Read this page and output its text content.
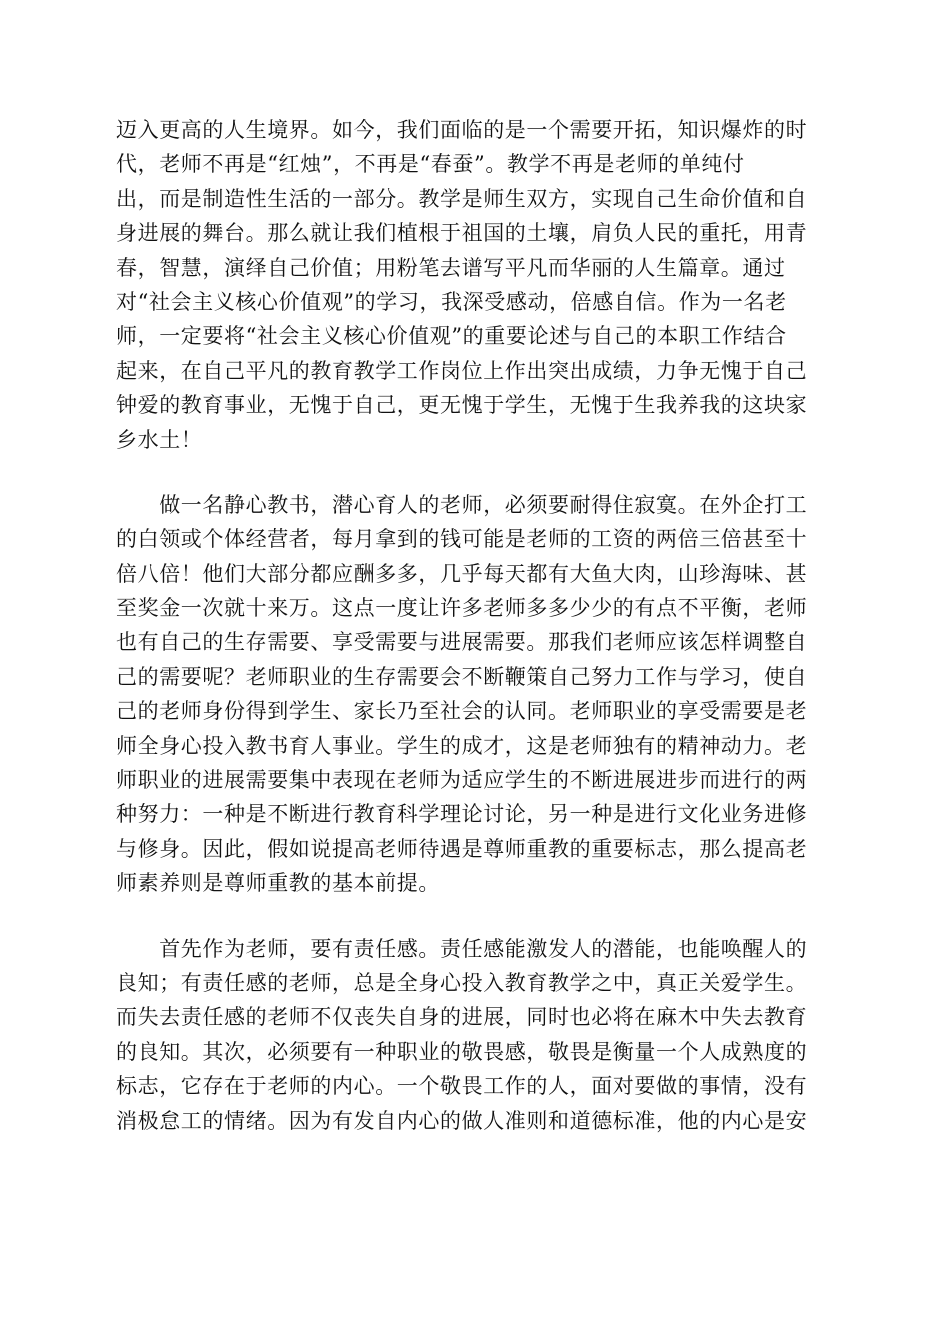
迈入更高的人生境界。如今，我们面临的是一个需要开拓，知识爆炸的时
代，老师不再是“红烛”，不再是“春蚕”。教学不再是老师的单纯付
出，而是制造性生活的一部分。教学是师生双方，实现自己生命价值和自
身进展的舞台。那么就让我们植根于祖国的土壤，肩负人民的重托，用青
春，智慧，演绎自己价值；用粉笔去谱写平凡而华丽的人生篇章。通过
对“社会主义核心价值观”的学习，我深受感动，倍感自信。作为一名老
师，一定要将“社会主义核心价值观”的重要论述与自己的本职工作结合
起来，在自己平凡的教育教学工作岗位上作出突出成绩，力争无愧于自己
钟爱的教育事业，无愧于自己，更无愧于学生，无愧于生我养我的这块家
乡水土！
　　做一名静心教书，潜心育人的老师，必须要耐得住寂寞。在外企打工
的白领或个体经营者，每月拿到的钱可能是老师的工资的两倍三倍甚至十
倍八倍！他们大部分都应酬多多，几乎每天都有大鱼大肉，山珍海味、甚
至奖金一次就十来万。这点一度让许多老师多多少少的有点不平衡，老师
也有自己的生存需要、享受需要与进展需要。那我们老师应该怎样调整自
己的需要呢？老师职业的生存需要会不断鞭策自己努力工作与学习，使自
己的老师身份得到学生、家长乃至社会的认同。老师职业的享受需要是老
师全身心投入教书育人事业。学生的成才，这是老师独有的精神动力。老
师职业的进展需要集中表现在老师为适应学生的不断进展进步而进行的两
种努力：一种是不断进行教育科学理论讨论，另一种是进行文化业务进修
与修身。因此，假如说提高老师待遇是尊师重教的重要标志，那么提高老
师素养则是尊师重教的基本前提。
　　首先作为老师，要有责任感。责任感能激发人的潜能，也能唤醒人的
良知；有责任感的老师，总是全身心投入教育教学之中，真正关爱学生。
而失去责任感的老师不仅丧失自身的进展，同时也必将在麻木中失去教育
的良知。其次，必须要有一种职业的敬畏感，敬畏是衡量一个人成熟度的
标志，它存在于老师的内心。一个敬畏工作的人，面对要做的事情，没有
消极怠工的情绪。因为有发自内心的做人准则和道德标准，他的内心是安
